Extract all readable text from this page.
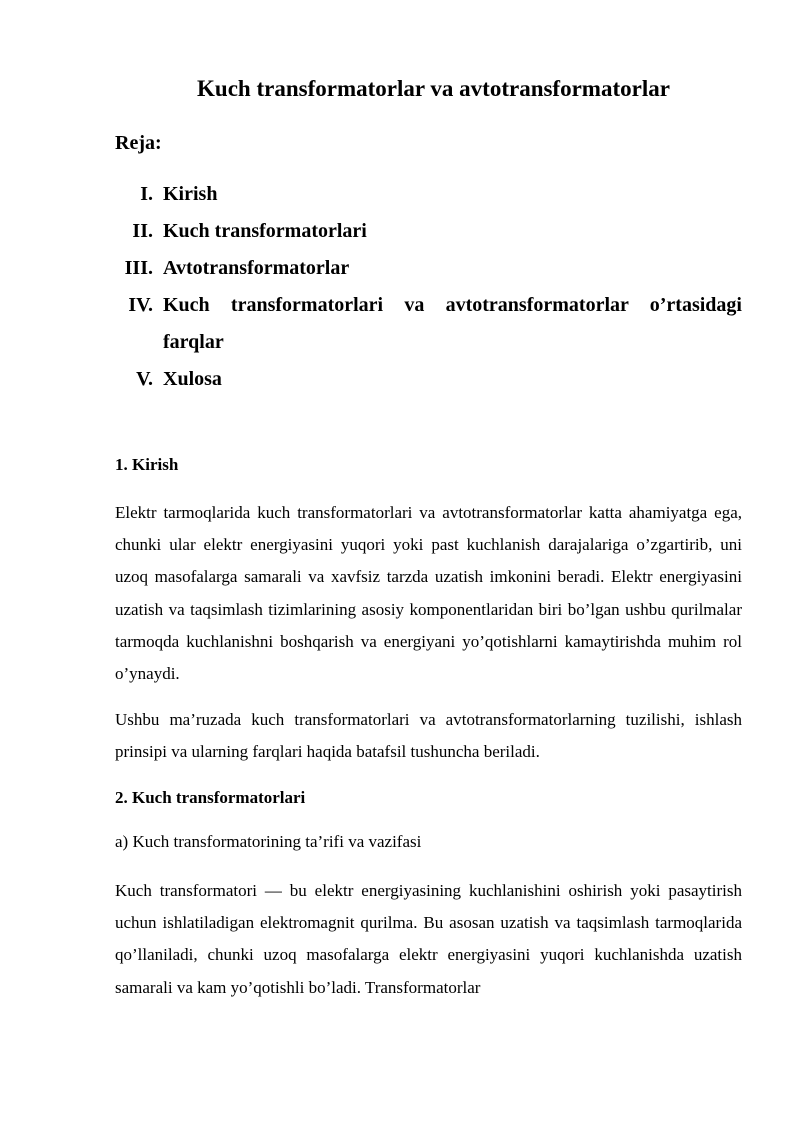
Kuch transformatorlar va avtotransformatorlar

Reja:

I. Kirish
II. Kuch transformatorlari
III. Avtotransformatorlar
IV. Kuch transformatorlari va avtotransformatorlar o’rtasidagi farqlar
V. Xulosa
1. Kirish

Elektr tarmoqlarida kuch transformatorlari va avtotransformatorlar katta ahamiyatga ega, chunki ular elektr energiyasini yuqori yoki past kuchlanish darajalariga o’zgartirib, uni uzoq masofalarga samarali va xavfsiz tarzda uzatish imkonini beradi. Elektr energiyasini uzatish va taqsimlash tizimlarining asosiy komponentlaridan biri bo’lgan ushbu qurilmalar tarmoqda kuchlanishni boshqarish va energiyani yo’qotishlarni kamaytirishda muhim rol o’ynaydi.

Ushbu ma’ruzada kuch transformatorlari va avtotransformatorlarning tuzilishi, ishlash prinsipi va ularning farqlari haqida batafsil tushuncha beriladi.

2. Kuch transformatorlari

a) Kuch transformatorining ta’rifi va vazifasi

Kuch transformatori — bu elektr energiyasining kuchlanishini oshirish yoki pasaytirish uchun ishlatiladigan elektromagnit qurilma. Bu asosan uzatish va taqsimlash tarmoqlarida qo’llaniladi, chunki uzoq masofalarga elektr energiyasini yuqori kuchlanishda uzatish samarali va kam yo’qotishli bo’ladi. Transformatorlar
